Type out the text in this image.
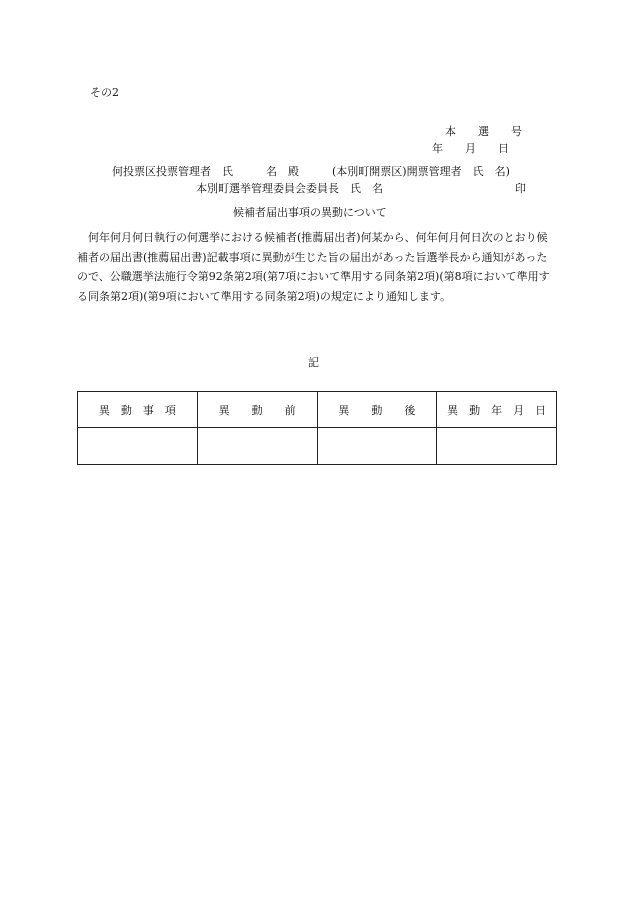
その2
本　　選　　号
年　　月　　日
何投票区投票管理者　氏　　　名　殿　　　(本別町開票区)開票管理者　氏　名)
本別町選挙管理委員会委員長　氏　名　　　　　　　　　　　　印
候補者届出事項の異動について
何年何月何日執行の何選挙における候補者(推薦届出者)何某から、何年何月何日次のとおり候補者の届出書(推薦届出書)記載事項に異動が生じた旨の届出があった旨選挙長から通知があったので、公職選挙法施行令第92条第2項(第7項において準用する同条第2項)(第8項において準用する同条第2項)(第9項において準用する同条第2項)の規定により通知します。
記
異　動　事　項	異　　動　　前	異　　動　　後	異　動　年　月　日
